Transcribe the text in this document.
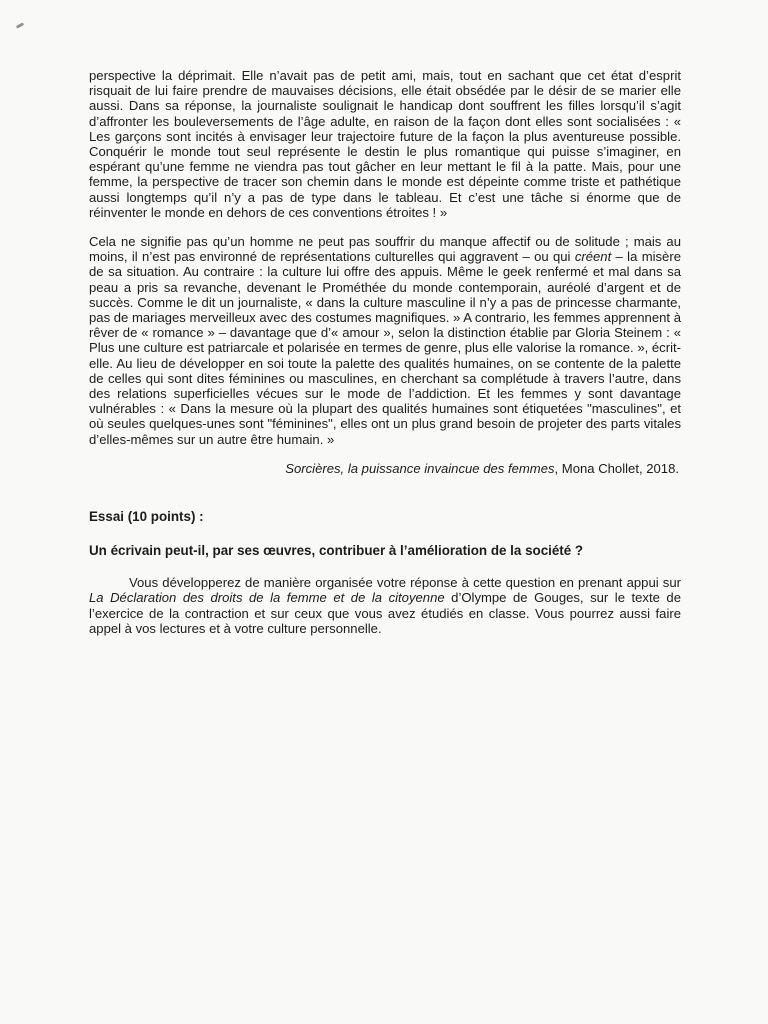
perspective la déprimait. Elle n’avait pas de petit ami, mais, tout en sachant que cet état d’esprit risquait de lui faire prendre de mauvaises décisions, elle était obsédée par le désir de se marier elle aussi. Dans sa réponse, la journaliste soulignait le handicap dont souffrent les filles lorsqu’il s’agit d’affronter les bouleversements de l’âge adulte, en raison de la façon dont elles sont socialisées : « Les garçons sont incités à envisager leur trajectoire future de la façon la plus aventureuse possible. Conquérir le monde tout seul représente le destin le plus romantique qui puisse s’imaginer, en espérant qu’une femme ne viendra pas tout gâcher en leur mettant le fil à la patte. Mais, pour une femme, la perspective de tracer son chemin dans le monde est dépeinte comme triste et pathétique aussi longtemps qu’il n’y a pas de type dans le tableau. Et c’est une tâche si énorme que de réinventer le monde en dehors de ces conventions étroites ! »

Cela ne signifie pas qu’un homme ne peut pas souffrir du manque affectif ou de solitude ; mais au moins, il n’est pas environné de représentations culturelles qui aggravent – ou qui créent – la misère de sa situation. Au contraire : la culture lui offre des appuis. Même le geek renfermé et mal dans sa peau a pris sa revanche, devenant le Prométhée du monde contemporain, auréolé d’argent et de succès. Comme le dit un journaliste, « dans la culture masculine il n’y a pas de princesse charmante, pas de mariages merveilleux avec des costumes magnifiques. » A contrario, les femmes apprennent à rêver de « romance » – davantage que d’« amour », selon la distinction établie par Gloria Steinem : « Plus une culture est patriarcale et polarisée en termes de genre, plus elle valorise la romance. », écrit-elle. Au lieu de développer en soi toute la palette des qualités humaines, on se contente de la palette de celles qui sont dites féminines ou masculines, en cherchant sa complétude à travers l’autre, dans des relations superficielles vécues sur le mode de l’addiction. Et les femmes y sont davantage vulnérables : « Dans la mesure où la plupart des qualités humaines sont étiquetées "masculines", et où seules quelques-unes sont "féminines", elles ont un plus grand besoin de projeter des parts vitales d’elles-mêmes sur un autre être humain. »

Sorcières, la puissance invaincue des femmes, Mona Chollet, 2018.

Essai (10 points) :

Un écrivain peut-il, par ses œuvres, contribuer à l’amélioration de la société ?

Vous développerez de manière organisée votre réponse à cette question en prenant appui sur La Déclaration des droits de la femme et de la citoyenne d’Olympe de Gouges, sur le texte de l’exercice de la contraction et sur ceux que vous avez étudiés en classe. Vous pourrez aussi faire appel à vos lectures et à votre culture personnelle.
